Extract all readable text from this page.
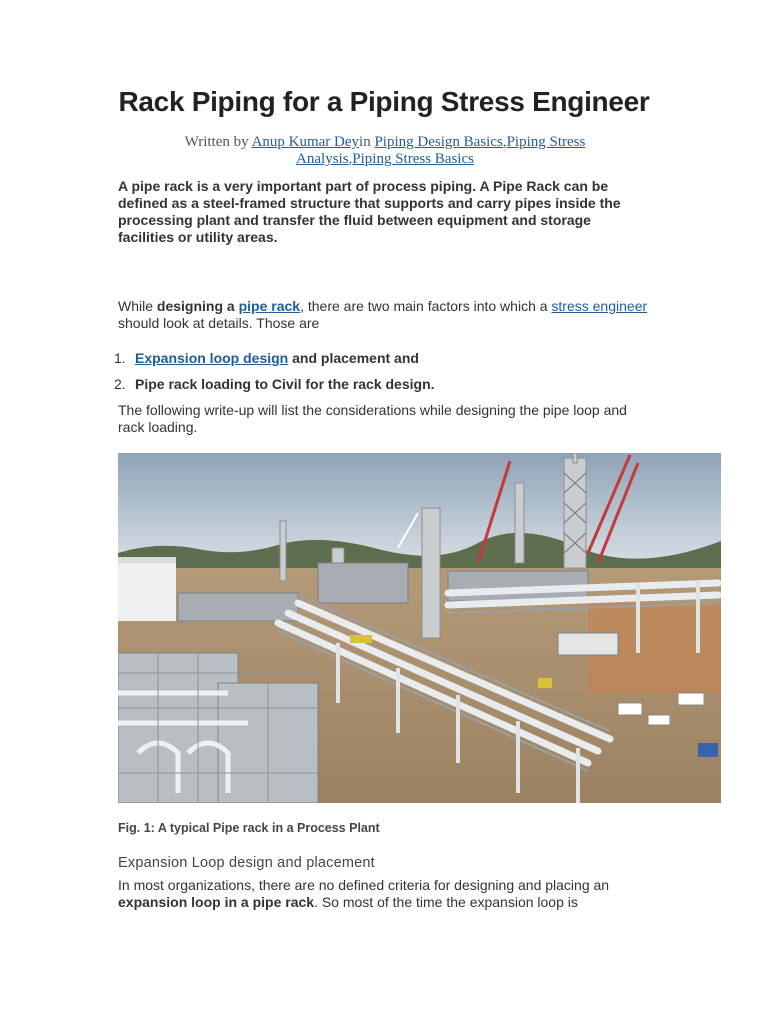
Rack Piping for a Piping Stress Engineer
Written by Anup Kumar Deyin Piping Design Basics,Piping Stress Analysis,Piping Stress Basics

A pipe rack is a very important part of process piping. A Pipe Rack can be defined as a steel-framed structure that supports and carry pipes inside the processing plant and transfer the fluid between equipment and storage facilities or utility areas.

While designing a pipe rack, there are two main factors into which a stress engineer should look at details. Those are

1. Expansion loop design and placement and
2. Pipe rack loading to Civil for the rack design.

The following write-up will list the considerations while designing the pipe loop and rack loading.

Fig. 1: A typical Pipe rack in a Process Plant
Expansion Loop design and placement

In most organizations, there are no defined criteria for designing and placing an expansion loop in a pipe rack. So most of the time the expansion loop is
